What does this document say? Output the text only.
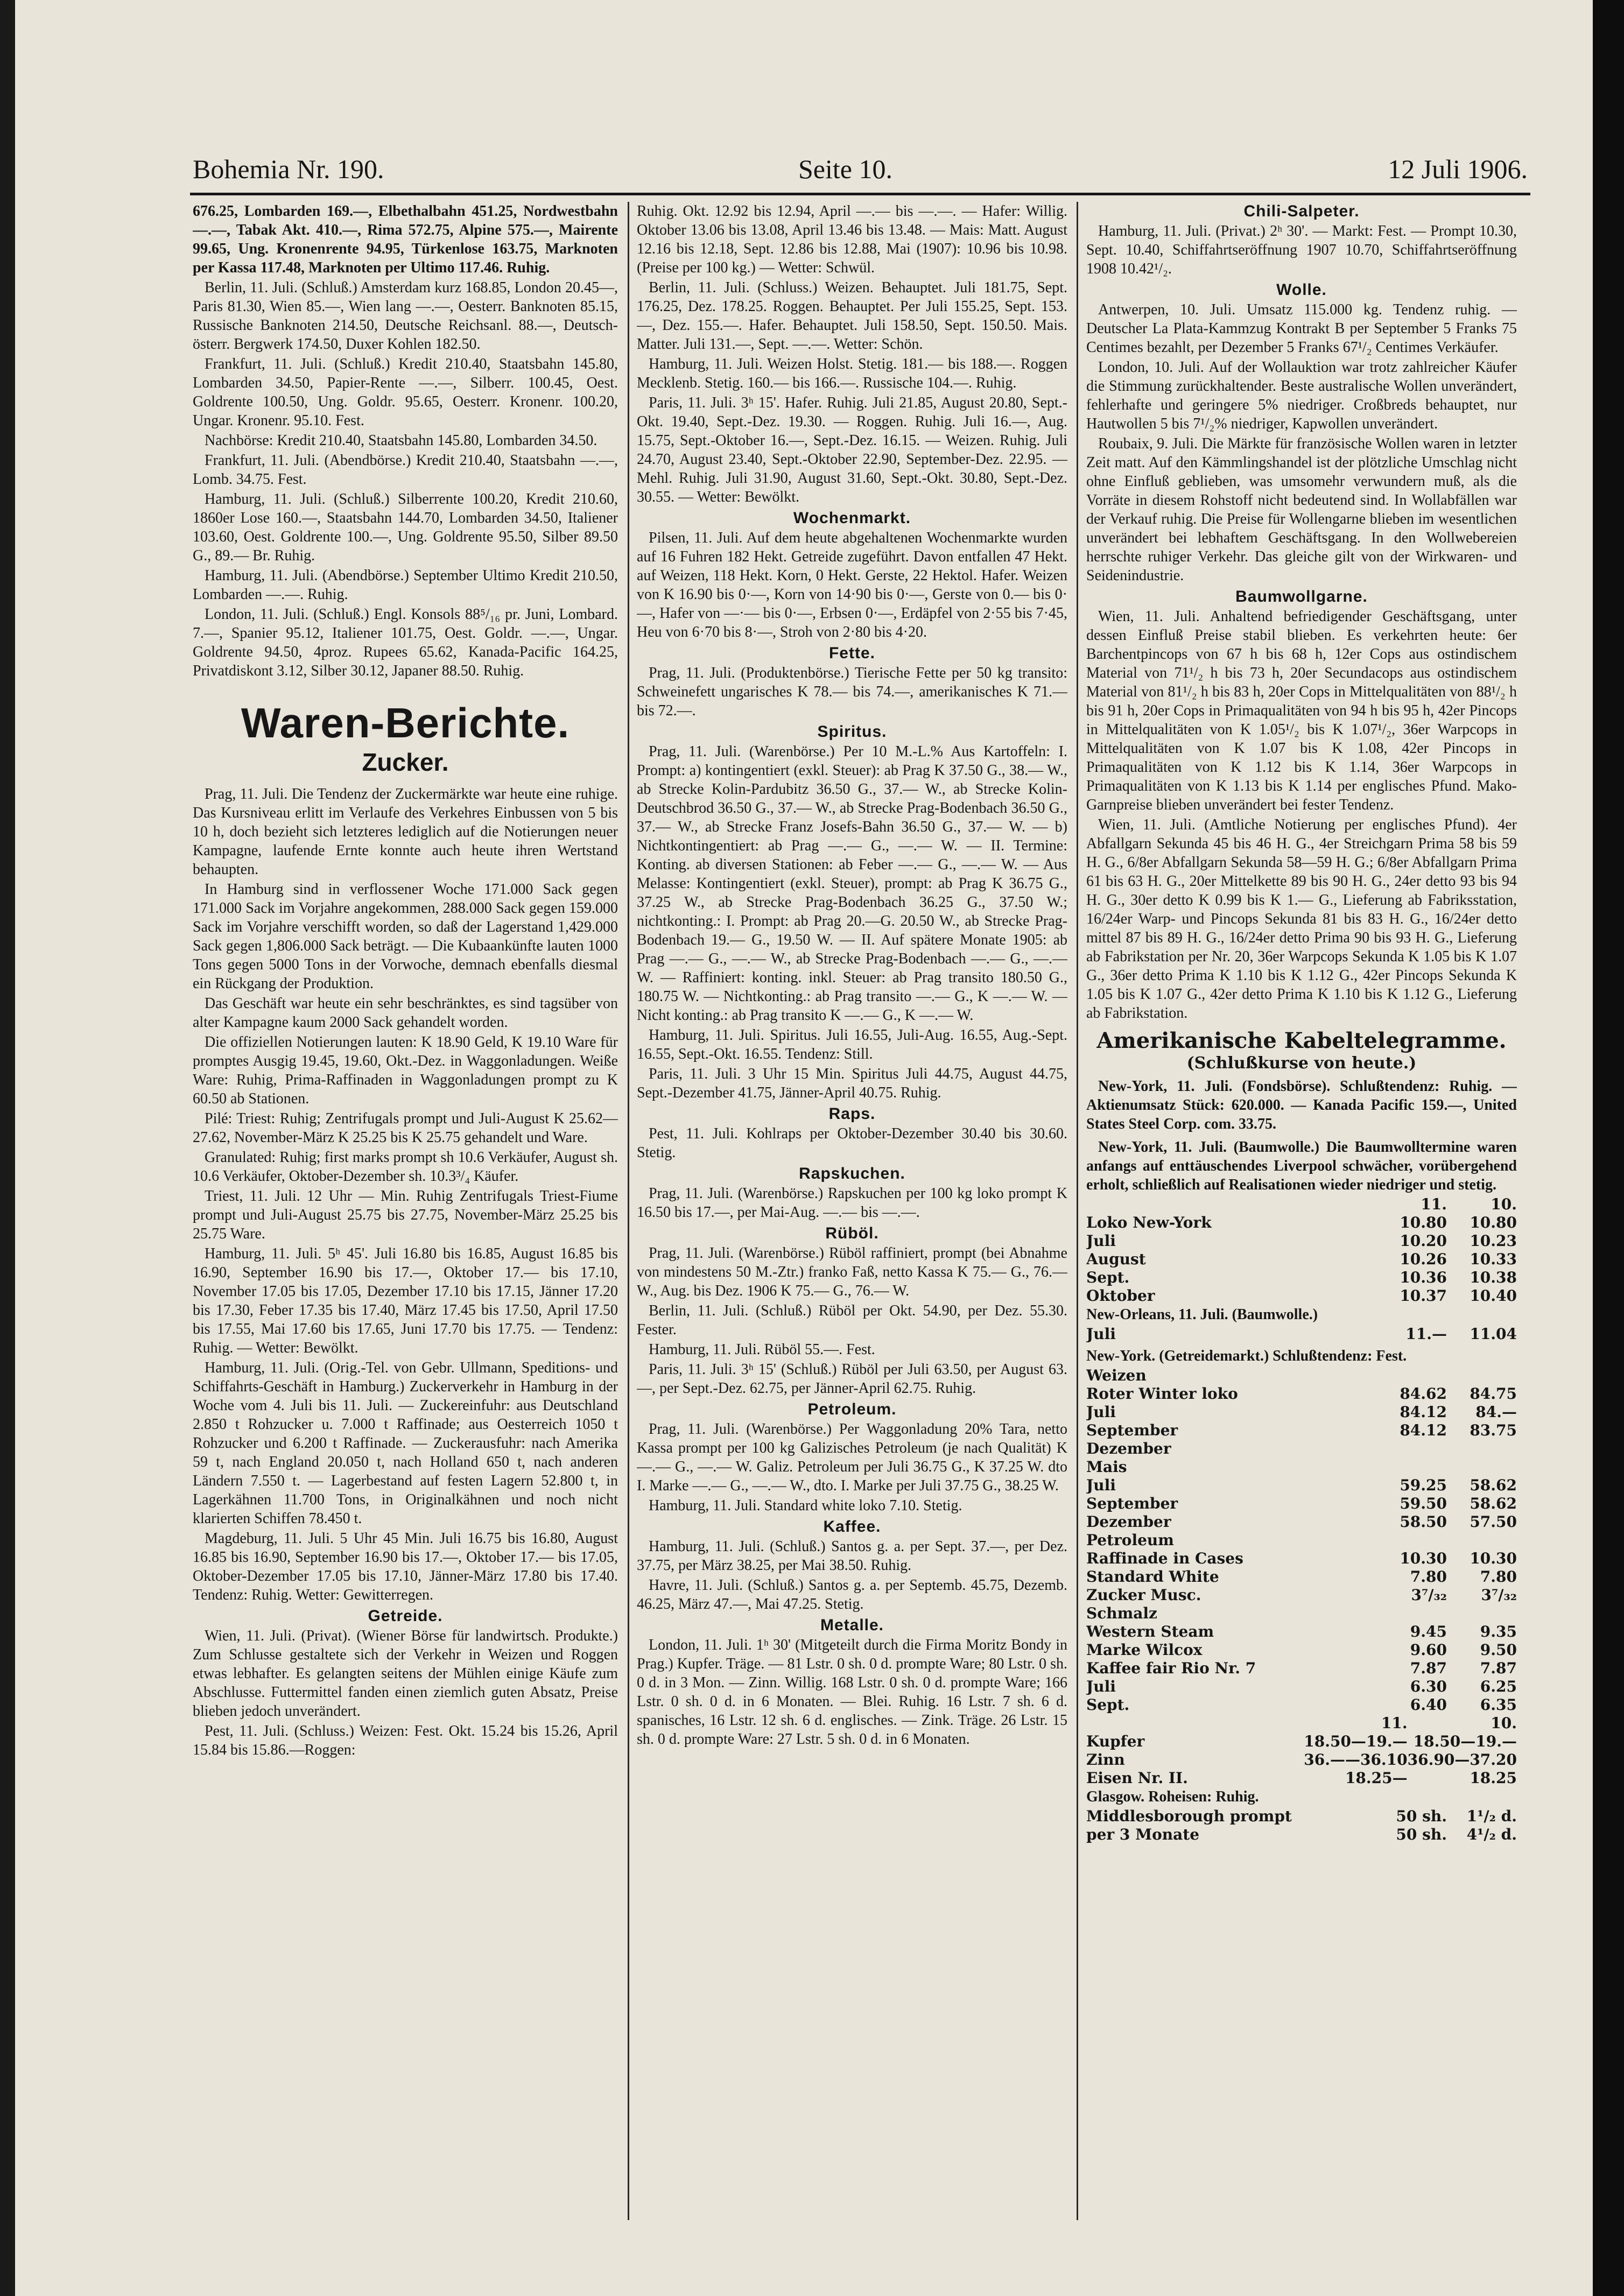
Bohemia Nr. 190.	Seite 10.	12 Juli 1906.

676.25, Lombarden 169.—, Elbethalbahn 451.25, Nordwestbahn —.—, Tabak Akt. 410.—, Rima 572.75, Alpine 575.—, Mairente 99.65, Ung. Kronenrente 94.95, Türkenlose 163.75, Marknoten per Kassa 117.48, Marknoten per Ultimo 117.46. Ruhig.

Berlin, 11. Juli. (Schluß.) Amsterdam kurz 168.85, London 20.45—, Paris 81.30, Wien 85.—, Wien lang —.—, Oesterr. Banknoten 85.15, Russische Banknoten 214.50, Deutsche Reichsanl. 88.—, Deutsch-österr. Bergwerk 174.50, Duxer Kohlen 182.50.

Frankfurt, 11. Juli. (Schluß.) Kredit 210.40, Staatsbahn 145.80, Lombarden 34.50, Papier-Rente —.—, Silberr. 100.45, Oest. Goldrente 100.50, Ung. Goldr. 95.65, Oesterr. Kronenr. 100.20, Ungar. Kronenr. 95.10. Fest.

Nachbörse: Kredit 210.40, Staatsbahn 145.80, Lombarden 34.50.

Frankfurt, 11. Juli. (Abendbörse.) Kredit 210.40, Staatsbahn —.—, Lomb. 34.75. Fest.

Hamburg, 11. Juli. (Schluß.) Silberrente 100.20, Kredit 210.60, 1860er Lose 160.—, Staatsbahn 144.70, Lombarden 34.50, Italiener 103.60, Oest. Goldrente 100.—, Ung. Goldrente 95.50, Silber 89.50 G., 89.— Br. Ruhig.

Hamburg, 11. Juli. (Abendbörse.) September Ultimo Kredit 210.50, Lombarden —.—. Ruhig.

London, 11. Juli. (Schluß.) Engl. Konsols 88⁵/₁₆ pr. Juni, Lombard. 7.—, Spanier 95.12, Italiener 101.75, Oest. Goldr. —.—, Ungar. Goldrente 94.50, 4proz. Rupees 65.62, Kanada-Pacific 164.25, Privatdiskont 3.12, Silber 30.12, Japaner 88.50. Ruhig.

Waren-Berichte.
Zucker.

Prag, 11. Juli. Die Tendenz der Zuckermärkte war heute eine ruhige. Das Kursniveau erlitt im Verlaufe des Verkehres Einbussen von 5 bis 10 h, doch bezieht sich letzteres lediglich auf die Notierungen neuer Kampagne, laufende Ernte konnte auch heute ihren Wertstand behaupten.

In Hamburg sind in verflossener Woche 171.000 Sack gegen 171.000 Sack im Vorjahre angekommen, 288.000 Sack gegen 159.000 Sack im Vorjahre verschifft worden, so daß der Lagerstand 1,429.000 Sack gegen 1,806.000 Sack beträgt. — Die Kubaankünfte lauten 1000 Tons gegen 5000 Tons in der Vorwoche, demnach ebenfalls diesmal ein Rückgang der Produktion.

Das Geschäft war heute ein sehr beschränktes, es sind tagsüber von alter Kampagne kaum 2000 Sack gehandelt worden.

Die offiziellen Notierungen lauten: K 18.90 Geld, K 19.10 Ware für promptes Ausgig 19.45, 19.60, Okt.-Dez. in Waggonladungen. Weiße Ware: Ruhig, Prima-Raffinaden in Waggonladungen prompt zu K 60.50 ab Stationen.

Pilé: Triest: Ruhig; Zentrifugals prompt und Juli-August K 25.62—27.62, November-März K 25.25 bis K 25.75 gehandelt und Ware.

Granulated: Ruhig; first marks prompt sh 10.6 Verkäufer, August sh. 10.6 Verkäufer, Oktober-Dezember sh. 10.3³/₄ Käufer.

Triest, 11. Juli. 12 Uhr — Min. Ruhig Zentrifugals Triest-Fiume prompt und Juli-August 25.75 bis 27.75, November-März 25.25 bis 25.75 Ware.

Hamburg, 11. Juli. 5ʰ 45'. Juli 16.80 bis 16.85, August 16.85 bis 16.90, September 16.90 bis 17.—, Oktober 17.— bis 17.10, November 17.05 bis 17.05, Dezember 17.10 bis 17.15, Jänner 17.20 bis 17.30, Feber 17.35 bis 17.40, März 17.45 bis 17.50, April 17.50 bis 17.55, Mai 17.60 bis 17.65, Juni 17.70 bis 17.75. — Tendenz: Ruhig. — Wetter: Bewölkt.

Hamburg, 11. Juli. (Orig.-Tel. von Gebr. Ullmann, Speditions- und Schiffahrts-Geschäft in Hamburg.) Zuckerverkehr in Hamburg in der Woche vom 4. Juli bis 11. Juli. — Zuckereinfuhr: aus Deutschland 2.850 t Rohzucker u. 7.000 t Raffinade; aus Oesterreich 1050 t Rohzucker und 6.200 t Raffinade. — Zuckerausfuhr: nach Amerika 59 t, nach England 20.050 t, nach Holland 650 t, nach anderen Ländern 7.550 t. — Lagerbestand auf festen Lagern 52.800 t, in Lagerkähnen 11.700 Tons, in Originalkähnen und noch nicht klarierten Schiffen 78.450 t.

Magdeburg, 11. Juli. 5 Uhr 45 Min. Juli 16.75 bis 16.80, August 16.85 bis 16.90, September 16.90 bis 17.—, Oktober 17.— bis 17.05, Oktober-Dezember 17.05 bis 17.10, Jänner-März 17.80 bis 17.40. Tendenz: Ruhig. Wetter: Gewitterregen.

Getreide.

Wien, 11. Juli. (Privat). (Wiener Börse für landwirtsch. Produkte.) Zum Schlusse gestaltete sich der Verkehr in Weizen und Roggen etwas lebhafter. Es gelangten seitens der Mühlen einige Käufe zum Abschlusse. Futtermittel fanden einen ziemlich guten Absatz, Preise blieben jedoch unverändert.

Pest, 11. Juli. (Schluss.) Weizen: Fest. Okt. 15.24 bis 15.26, April 15.84 bis 15.86.—Roggen:

Ruhig. Okt. 12.92 bis 12.94, April —.— bis —.—. — Hafer: Willig. Oktober 13.06 bis 13.08, April 13.46 bis 13.48. — Mais: Matt. August 12.16 bis 12.18, Sept. 12.86 bis 12.88, Mai (1907): 10.96 bis 10.98. (Preise per 100 kg.) — Wetter: Schwül.

Berlin, 11. Juli. (Schluss.) Weizen. Behauptet. Juli 181.75, Sept. 176.25, Dez. 178.25. Roggen. Behauptet. Per Juli 155.25, Sept. 153.—, Dez. 155.—. Hafer. Behauptet. Juli 158.50, Sept. 150.50. Mais. Matter. Juli 131.—, Sept. —.—. Wetter: Schön.

Hamburg, 11. Juli. Weizen Holst. Stetig. 181.— bis 188.—. Roggen Mecklenb. Stetig. 160.— bis 166.—. Russische 104.—. Ruhig.

Paris, 11. Juli. 3ʰ 15'. Hafer. Ruhig. Juli 21.85, August 20.80, Sept.-Okt. 19.40, Sept.-Dez. 19.30. — Roggen. Ruhig. Juli 16.—, Aug. 15.75, Sept.-Oktober 16.—, Sept.-Dez. 16.15. — Weizen. Ruhig. Juli 24.70, August 23.40, Sept.-Oktober 22.90, September-Dez. 22.95. — Mehl. Ruhig. Juli 31.90, August 31.60, Sept.-Okt. 30.80, Sept.-Dez. 30.55. — Wetter: Bewölkt.

Wochenmarkt.

Pilsen, 11. Juli. Auf dem heute abgehaltenen Wochenmarkte wurden auf 16 Fuhren 182 Hekt. Getreide zugeführt. Davon entfallen 47 Hekt. auf Weizen, 118 Hekt. Korn, 0 Hekt. Gerste, 22 Hektol. Hafer. Weizen von K 16.90 bis 0·—, Korn von 14·90 bis 0·—, Gerste von 0.— bis 0·—, Hafer von —·— bis 0·—, Erbsen 0·—, Erdäpfel von 2·55 bis 7·45, Heu von 6·70 bis 8·—, Stroh von 2·80 bis 4·20.

Fette.

Prag, 11. Juli. (Produktenbörse.) Tierische Fette per 50 kg transito: Schweinefett ungarisches K 78.— bis 74.—, amerikanisches K 71.— bis 72.—.

Spiritus.

Prag, 11. Juli. (Warenbörse.) Per 10 M.-L.% Aus Kartoffeln: I. Prompt: a) kontingentiert (exkl. Steuer): ab Prag K 37.50 G., 38.— W., ab Strecke Kolin-Pardubitz 36.50 G., 37.— W., ab Strecke Kolin-Deutschbrod 36.50 G., 37.— W., ab Strecke Prag-Bodenbach 36.50 G., 37.— W., ab Strecke Franz Josefs-Bahn 36.50 G., 37.— W. — b) Nichtkontingentiert: ab Prag —.— G., —.— W. — II. Termine: Konting. ab diversen Stationen: ab Feber —.— G., —.— W. — Aus Melasse: Kontingentiert (exkl. Steuer), prompt: ab Prag K 36.75 G., 37.25 W., ab Strecke Prag-Bodenbach 36.25 G., 37.50 W.; nichtkonting.: I. Prompt: ab Prag 20.—G. 20.50 W., ab Strecke Prag-Bodenbach 19.— G., 19.50 W. — II. Auf spätere Monate 1905: ab Prag —.— G., —.— W., ab Strecke Prag-Bodenbach —.— G., —.— W. — Raffiniert: konting. inkl. Steuer: ab Prag transito 180.50 G., 180.75 W. — Nichtkonting.: ab Prag transito —.— G., K —.— W. — Nicht konting.: ab Prag transito K —.— G., K —.— W.

Hamburg, 11. Juli. Spiritus. Juli 16.55, Juli-Aug. 16.55, Aug.-Sept. 16.55, Sept.-Okt. 16.55. Tendenz: Still.

Paris, 11. Juli. 3 Uhr 15 Min. Spiritus Juli 44.75, August 44.75, Sept.-Dezember 41.75, Jänner-April 40.75. Ruhig.

Raps.

Pest, 11. Juli. Kohlraps per Oktober-Dezember 30.40 bis 30.60. Stetig.

Rapskuchen.

Prag, 11. Juli. (Warenbörse.) Rapskuchen per 100 kg loko prompt K 16.50 bis 17.—, per Mai-Aug. —.— bis —.—.

Rüböl.

Prag, 11. Juli. (Warenbörse.) Rüböl raffiniert, prompt (bei Abnahme von mindestens 50 M.-Ztr.) franko Faß, netto Kassa K 75.— G., 76.— W., Aug. bis Dez. 1906 K 75.— G., 76.— W.

Berlin, 11. Juli. (Schluß.) Rüböl per Okt. 54.90, per Dez. 55.30. Fester.

Hamburg, 11. Juli. Rüböl 55.—. Fest.

Paris, 11. Juli. 3ʰ 15' (Schluß.) Rüböl per Juli 63.50, per August 63.—, per Sept.-Dez. 62.75, per Jänner-April 62.75. Ruhig.

Petroleum.

Prag, 11. Juli. (Warenbörse.) Per Waggonladung 20% Tara, netto Kassa prompt per 100 kg Galizisches Petroleum (je nach Qualität) K —.— G., —.— W. Galiz. Petroleum per Juli 36.75 G., K 37.25 W. dto I. Marke —.— G., —.— W., dto. I. Marke per Juli 37.75 G., 38.25 W.

Hamburg, 11. Juli. Standard white loko 7.10. Stetig.

Kaffee.

Hamburg, 11. Juli. (Schluß.) Santos g. a. per Sept. 37.—, per Dez. 37.75, per März 38.25, per Mai 38.50. Ruhig.

Havre, 11. Juli. (Schluß.) Santos g. a. per Septemb. 45.75, Dezemb. 46.25, März 47.—, Mai 47.25. Stetig.

Metalle.

London, 11. Juli. 1ʰ 30' (Mitgeteilt durch die Firma Moritz Bondy in Prag.) Kupfer. Träge. — 81 Lstr. 0 sh. 0 d. prompte Ware; 80 Lstr. 0 sh. 0 d. in 3 Mon. — Zinn. Willig. 168 Lstr. 0 sh. 0 d. prompte Ware; 166 Lstr. 0 sh. 0 d. in 6 Monaten. — Blei. Ruhig. 16 Lstr. 7 sh. 6 d. spanisches, 16 Lstr. 12 sh. 6 d. englisches. — Zink. Träge. 26 Lstr. 15 sh. 0 d. prompte Ware: 27 Lstr. 5 sh. 0 d. in 6 Monaten.

Chili-Salpeter.

Hamburg, 11. Juli. (Privat.) 2ʰ 30'. — Markt: Fest. — Prompt 10.30, Sept. 10.40, Schiffahrtseröffnung 1907 10.70, Schiffahrtseröffnung 1908 10.42¹/₂.

Wolle.

Antwerpen, 10. Juli. Umsatz 115.000 kg. Tendenz ruhig. — Deutscher La Plata-Kammzug Kontrakt B per September 5 Franks 75 Centimes bezahlt, per Dezember 5 Franks 67¹/₂ Centimes Verkäufer.

London, 10. Juli. Auf der Wollauktion war trotz zahlreicher Käufer die Stimmung zurückhaltender. Beste australische Wollen unverändert, fehlerhafte und geringere 5% niedriger. Croßbreds behauptet, nur Hautwollen 5 bis 7¹/₂% niedriger, Kapwollen unverändert.

Roubaix, 9. Juli. Die Märkte für französische Wollen waren in letzter Zeit matt. Auf den Kämmlingshandel ist der plötzliche Umschlag nicht ohne Einfluß geblieben, was umsomehr verwundern muß, als die Vorräte in diesem Rohstoff nicht bedeutend sind. In Wollabfällen war der Verkauf ruhig. Die Preise für Wollengarne blieben im wesentlichen unverändert bei lebhaftem Geschäftsgang. In den Wollwebereien herrschte ruhiger Verkehr. Das gleiche gilt von der Wirkwaren- und Seidenindustrie.

Baumwollgarne.

Wien, 11. Juli. Anhaltend befriedigender Geschäftsgang, unter dessen Einfluß Preise stabil blieben. Es verkehrten heute: 6er Barchentpincops von 67 h bis 68 h, 12er Cops aus ostindischem Material von 71¹/₂ h bis 73 h, 20er Secundacops aus ostindischem Material von 81¹/₂ h bis 83 h, 20er Cops in Mittelqualitäten von 88¹/₂ h bis 91 h, 20er Cops in Primaqualitäten von 94 h bis 95 h, 42er Pincops in Mittelqualitäten von K 1.05¹/₂ bis K 1.07¹/₂, 36er Warpcops in Mittelqualitäten von K 1.07 bis K 1.08, 42er Pincops in Primaqualitäten von K 1.12 bis K 1.14, 36er Warpcops in Primaqualitäten von K 1.13 bis K 1.14 per englisches Pfund. Mako-Garnpreise blieben unverändert bei fester Tendenz.

Wien, 11. Juli. (Amtliche Notierung per englisches Pfund). 4er Abfallgarn Sekunda 45 bis 46 H. G., 4er Streichgarn Prima 58 bis 59 H. G., 6/8er Abfallgarn Sekunda 58—59 H. G.; 6/8er Abfallgarn Prima 61 bis 63 H. G., 20er Mittelkette 89 bis 90 H. G., 24er detto 93 bis 94 H. G., 30er detto K 0.99 bis K 1.— G., Lieferung ab Fabriksstation, 16/24er Warp- und Pincops Sekunda 81 bis 83 H. G., 16/24er detto mittel 87 bis 89 H. G., 16/24er detto Prima 90 bis 93 H. G., Lieferung ab Fabrikstation per Nr. 20, 36er Warpcops Sekunda K 1.05 bis K 1.07 G., 36er detto Prima K 1.10 bis K 1.12 G., 42er Pincops Sekunda K 1.05 bis K 1.07 G., 42er detto Prima K 1.10 bis K 1.12 G., Lieferung ab Fabrikstation.

Amerikanische Kabeltelegramme.
(Schlußkurse von heute.)

New-York, 11. Juli. (Fondsbörse). Schlußtendenz: Ruhig. — Aktienumsatz Stück: 620.000. — Kanada Pacific 159.—, United States Steel Corp. com. 33.75.

New-York, 11. Juli. (Baumwolle.) Die Baumwolltermine waren anfangs auf enttäuschendes Liverpool schwächer, vorübergehend erholt, schließlich auf Realisationen wieder niedriger und stetig.

	11.	10.
Loko New-York	10.80	10.80
Juli	10.20	10.23
August	10.26	10.33
Sept.	10.36	10.38
Oktober	10.37	10.40

New-Orleans, 11. Juli. (Baumwolle.)

Juli	11.—	11.04

New-York. (Getreidemarkt.) Schlußtendenz: Fest.

Weizen		
Roter Winter loko	84.62	84.75
Juli	84.12	84.—
September	84.12	83.75
Dezember		
Mais		
Juli	59.25	58.62
September	59.50	58.62
Dezember	58.50	57.50
Petroleum		
Raffinade in Cases	10.30	10.30
Standard White	7.80	7.80
Zucker Musc.	3⁷/₃₂	3⁷/₃₂
Schmalz		
Western Steam	9.45	9.35
Marke Wilcox	9.60	9.50
Kaffee fair Rio Nr. 7	7.87	7.87
Juli	6.30	6.25
Sept.	6.40	6.35
	11.	10.
Kupfer	18.50—19.—	18.50—19.—
Zinn	36.——36.10	36.90—37.20
Eisen Nr. II.	18.25—	18.25

Glasgow. Roheisen: Ruhig.

Middlesborough prompt	50 sh.	1¹/₂ d.
per 3 Monate	50 sh.	4¹/₂ d.
